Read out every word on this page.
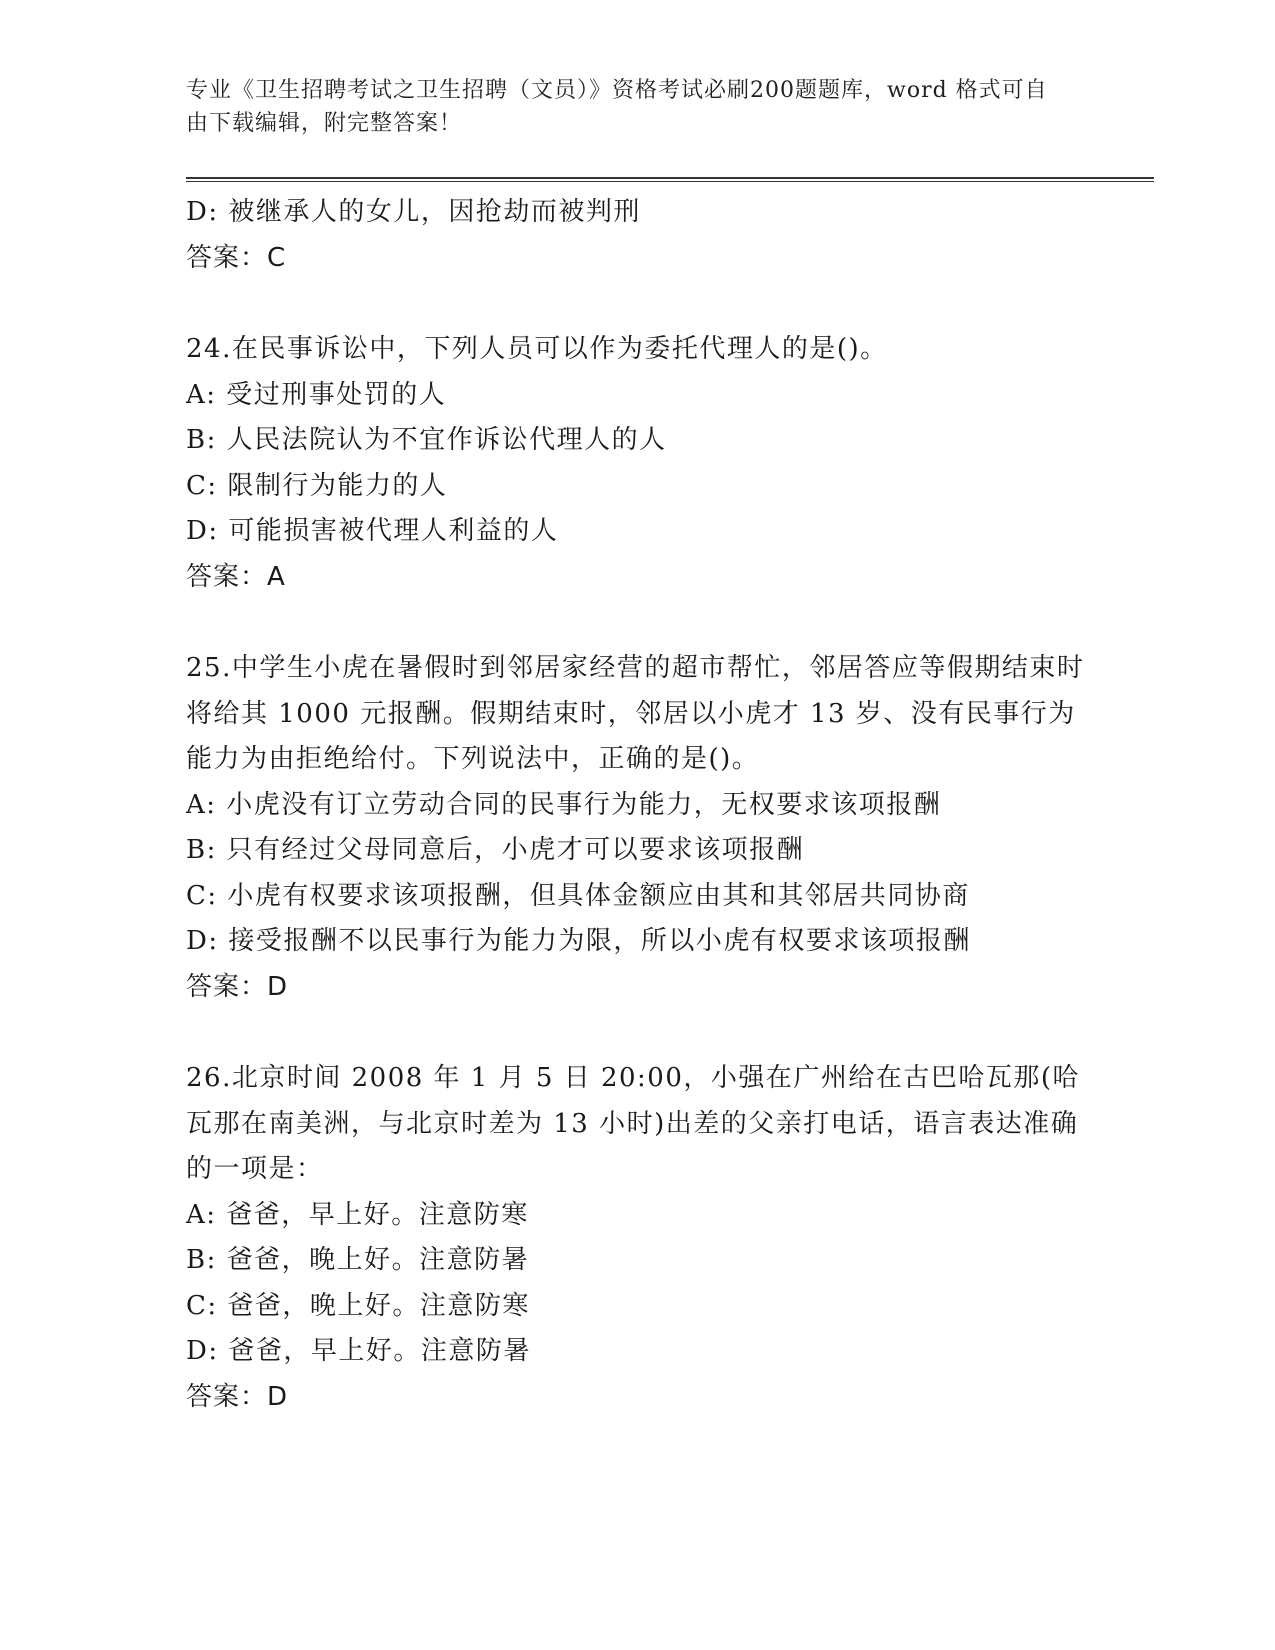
专业《卫生招聘考试之卫生招聘（文员）》资格考试必刷200题题库，word 格式可自由下载编辑，附完整答案！
D: 被继承人的女儿，因抢劫而被判刑
答案：C
24.在民事诉讼中，下列人员可以作为委托代理人的是()。
A: 受过刑事处罚的人
B: 人民法院认为不宜作诉讼代理人的人
C: 限制行为能力的人
D: 可能损害被代理人利益的人
答案：A
25.中学生小虎在暑假时到邻居家经营的超市帮忙，邻居答应等假期结束时将给其 1000 元报酬。假期结束时，邻居以小虎才 13 岁、没有民事行为能力为由拒绝给付。下列说法中，正确的是()。
A: 小虎没有订立劳动合同的民事行为能力，无权要求该项报酬
B: 只有经过父母同意后，小虎才可以要求该项报酬
C: 小虎有权要求该项报酬，但具体金额应由其和其邻居共同协商
D: 接受报酬不以民事行为能力为限，所以小虎有权要求该项报酬
答案：D
26.北京时间 2008 年 1 月 5 日 20:00，小强在广州给在古巴哈瓦那(哈瓦那在南美洲，与北京时差为 13 小时)出差的父亲打电话，语言表达准确的一项是：
A: 爸爸，早上好。注意防寒
B: 爸爸，晚上好。注意防暑
C: 爸爸，晚上好。注意防寒
D: 爸爸，早上好。注意防暑
答案：D
